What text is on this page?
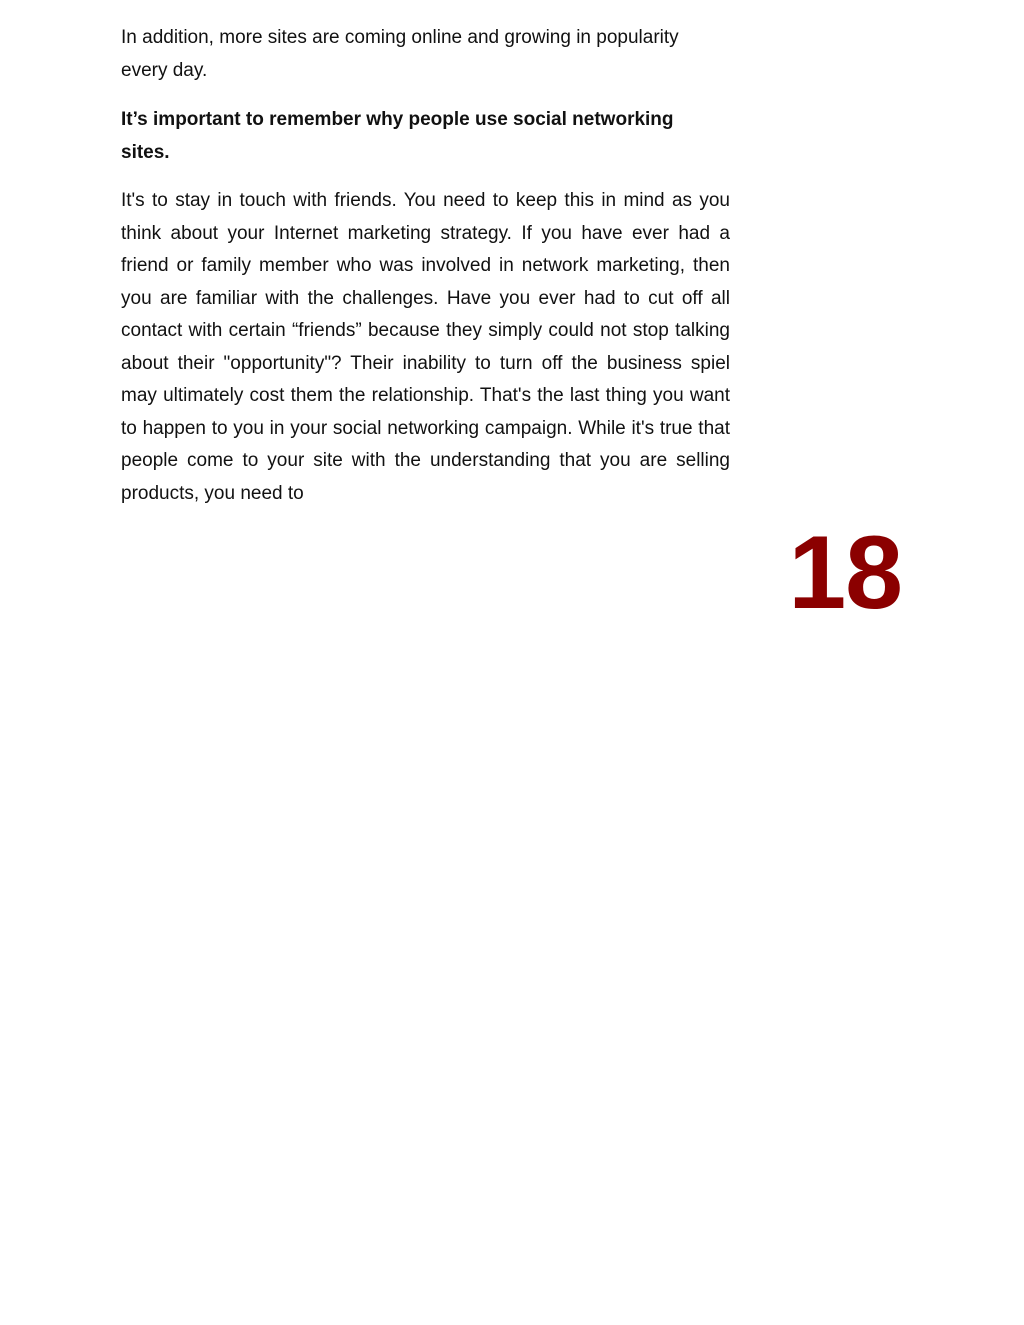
In addition, more sites are coming online and growing in popularity every day.

It’s important to remember why people use social networking sites.

It's to stay in touch with friends. You need to keep this in mind as you think about your Internet marketing strategy. If you have ever had a friend or family member who was involved in network marketing, then you are familiar with the challenges. Have you ever had to cut off all contact with certain “friends” because they simply could not stop talking about their "opportunity"? Their inability to turn off the business spiel may ultimately cost them the relationship. That's the last thing you want to happen to you in your social networking campaign. While it's true that people come to your site with the understanding that you are selling products, you need to

18
